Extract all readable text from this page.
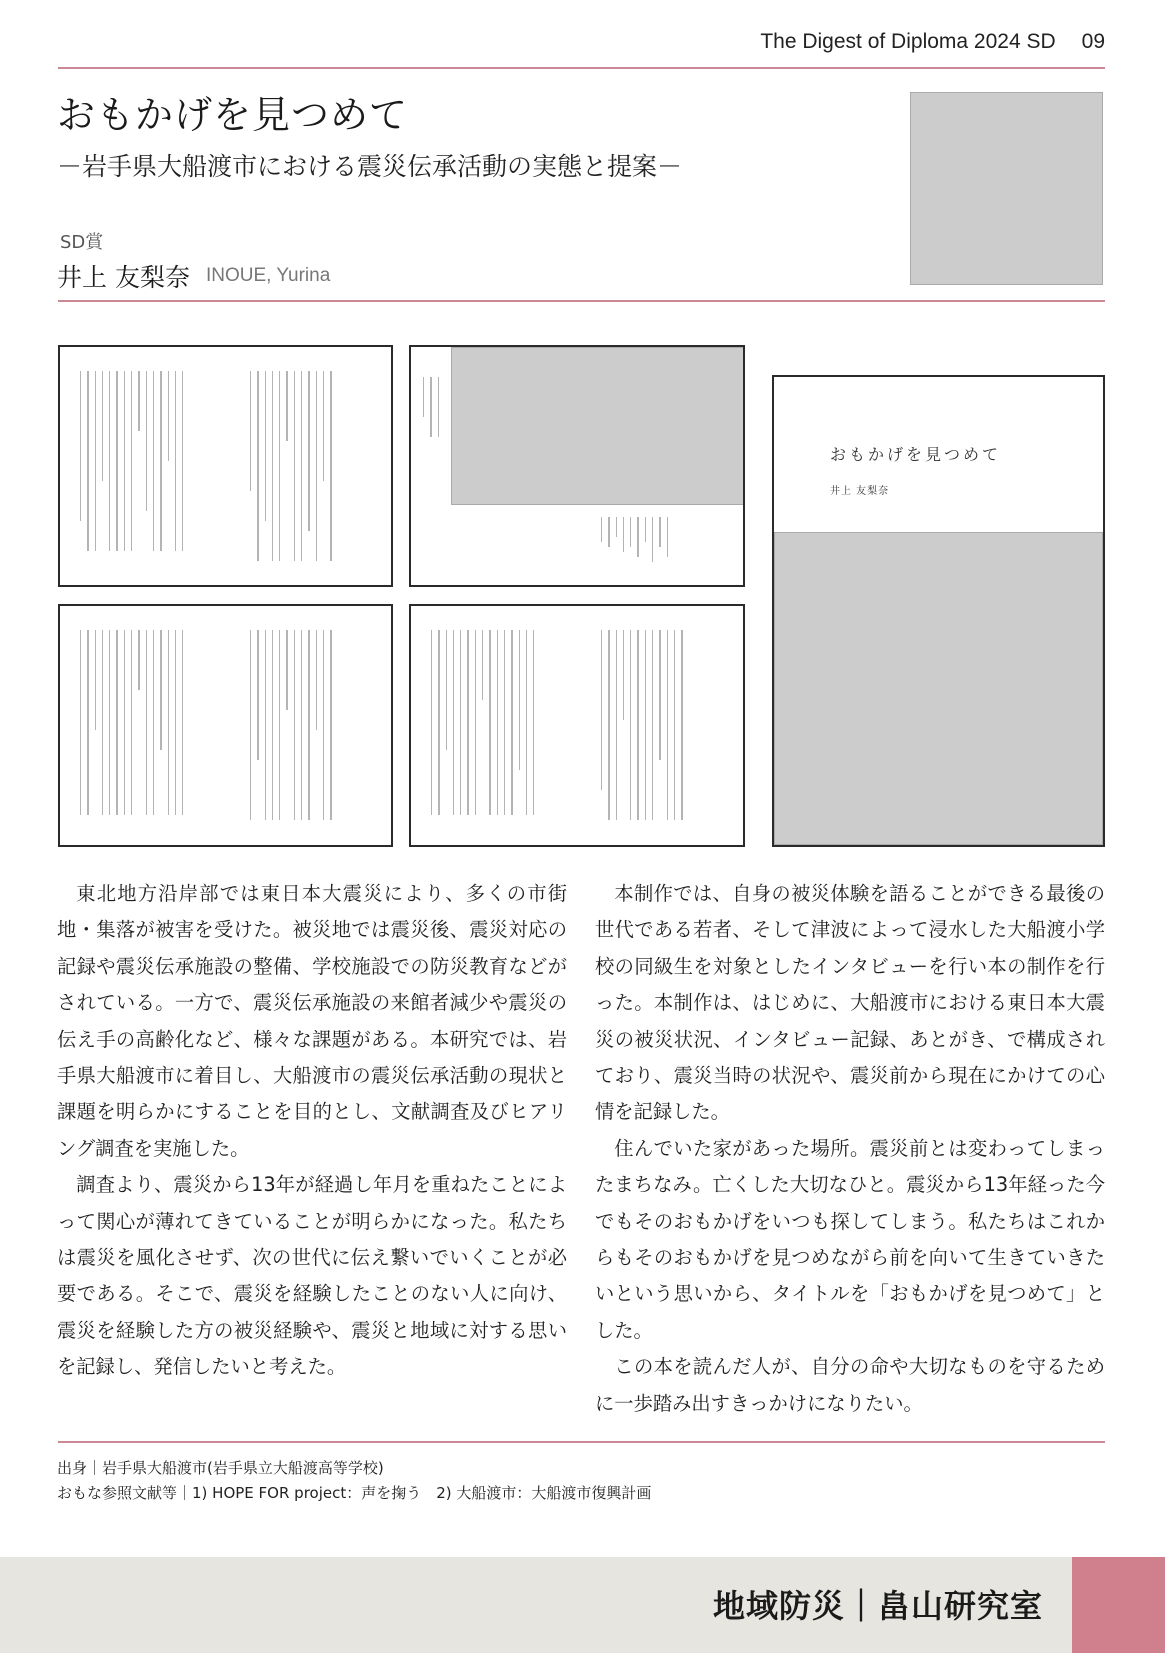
The Digest of Diploma 2024 SD 09
おもかげを見つめて
－岩手県大船渡市における震災伝承活動の実態と提案－
SD賞
井上 友梨奈 INOUE, Yurina
おもかげを見つめて
井上 友梨奈

東北地方沿岸部では東日本大震災により、多くの市街地・集落が被害を受けた。被災地では震災後、震災対応の記録や震災伝承施設の整備、学校施設での防災教育などがされている。一方で、震災伝承施設の来館者減少や震災の伝え手の高齢化など、様々な課題がある。本研究では、岩手県大船渡市に着目し、大船渡市の震災伝承活動の現状と課題を明らかにすることを目的とし、文献調査及びヒアリング調査を実施した。

調査より、震災から13年が経過し年月を重ねたことによって関心が薄れてきていることが明らかになった。私たちは震災を風化させず、次の世代に伝え繋いでいくことが必要である。そこで、震災を経験したことのない人に向け、震災を経験した方の被災経験や、震災と地域に対する思いを記録し、発信したいと考えた。

本制作では、自身の被災体験を語ることができる最後の世代である若者、そして津波によって浸水した大船渡小学校の同級生を対象としたインタビューを行い本の制作を行った。本制作は、はじめに、大船渡市における東日本大震災の被災状況、インタビュー記録、あとがき、で構成されており、震災当時の状況や、震災前から現在にかけての心情を記録した。

住んでいた家があった場所。震災前とは変わってしまったまちなみ。亡くした大切なひと。震災から13年経った今でもそのおもかげをいつも探してしまう。私たちはこれからもそのおもかげを見つめながら前を向いて生きていきたいという思いから、タイトルを「おもかげを見つめて」とした。

この本を読んだ人が、自分の命や大切なものを守るために一歩踏み出すきっかけになりたい。

出身｜岩手県大船渡市(岩手県立大船渡高等学校)
おもな参照文献等｜1) HOPE FOR project：声を掬う　2) 大船渡市：大船渡市復興計画
地域防災｜畠山研究室
